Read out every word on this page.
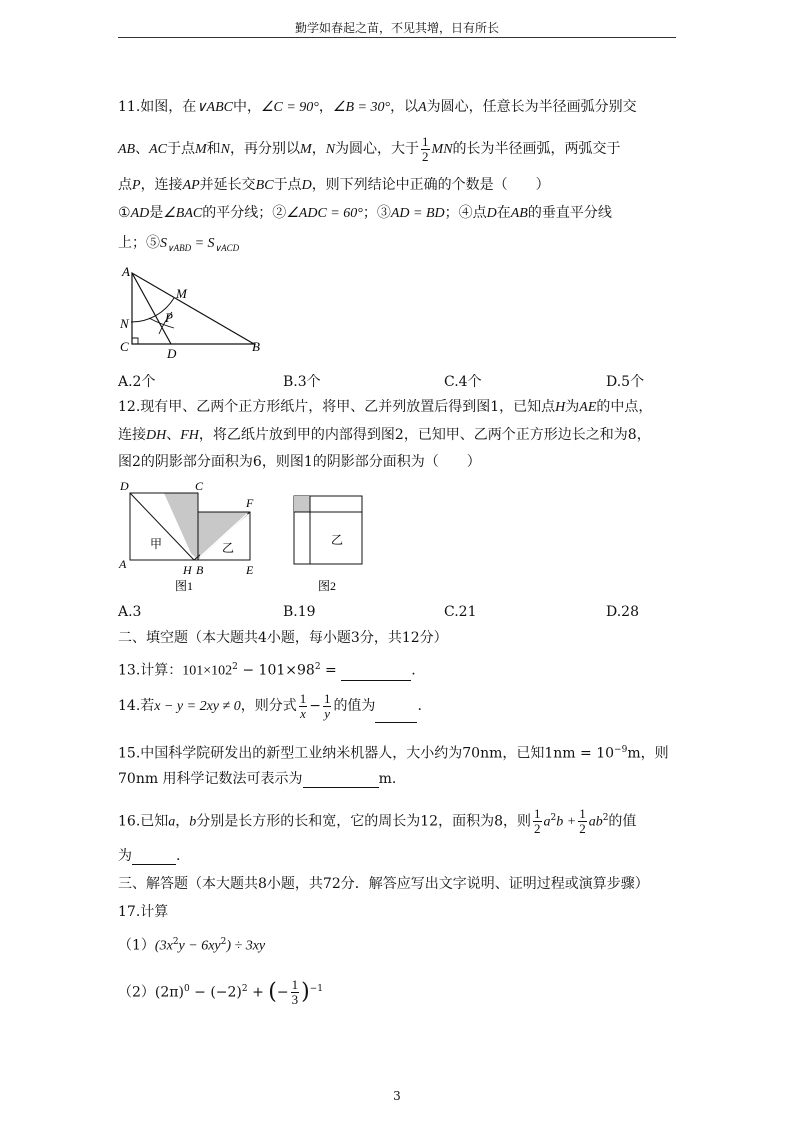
勤学如春起之苗，不见其增，日有所长
11.如图，在∨ABC中，∠C = 90°，∠B = 30°，以A为圆心，任意长为半径画弧分别交
AB、AC于点M和N，再分别以M，N为圆心，大于 $\frac{1}{2}$ MN的长为半径画弧，两弧交于
点P，连接AP并延长交BC于点D，则下列结论中正确的个数是（　　）
①AD是∠BAC的平分线；②∠ADC = 60°；③AD = BD；④点D在AB的垂直平分线
上；$⑤S_{\vee ABD} = S_{\vee ACD}$
A
M
N	P
C	D	B
A.2个	B.3个	C.4个	D.5个
12.现有甲、乙两个正方形纸片，将甲、乙并列放置后得到图1，已知点H为AE的中点，
连接DH、FH，将乙纸片放到甲的内部得到图2，已知甲、乙两个正方形边长之和为8，
图2的阴影部分面积为6，则图1的阴影部分面积为（　　）
D	C
F
A	H B	E
甲	乙
图1
乙
图2
A.3	B.19	C.21	D.28
二、填空题（本大题共4小题，每小题3分，共12分）
13.计算：$101\times 102^2 - 101\times 98^2$ =	.
14.若x − y = 2xy ≠ 0，则分式 $\frac{1}{x} - \frac{1}{y}$ 的值为	.
15.中国科学院研发出的新型工业纳米机器人，大小约为70nm，已知$1nm = 10^{-9}m$，则
70nm 用科学记数法可表示为	m.
16.已知a，b分别是长方形的长和宽，它的周长为12，面积为8，则 $\frac{1}{2} a^2b + \frac{1}{2} ab^2$的值
为	.
三、解答题（本大题共8小题，共72分．解答应写出文字说明、证明过程或演算步骤）
17.计算
$(1)(3x^2y - 6xy^2) \div 3xy$
$(2)(2\pi)^0 - (-2)^2$ + (− $\frac{1}{3} )^{-1}$
3
